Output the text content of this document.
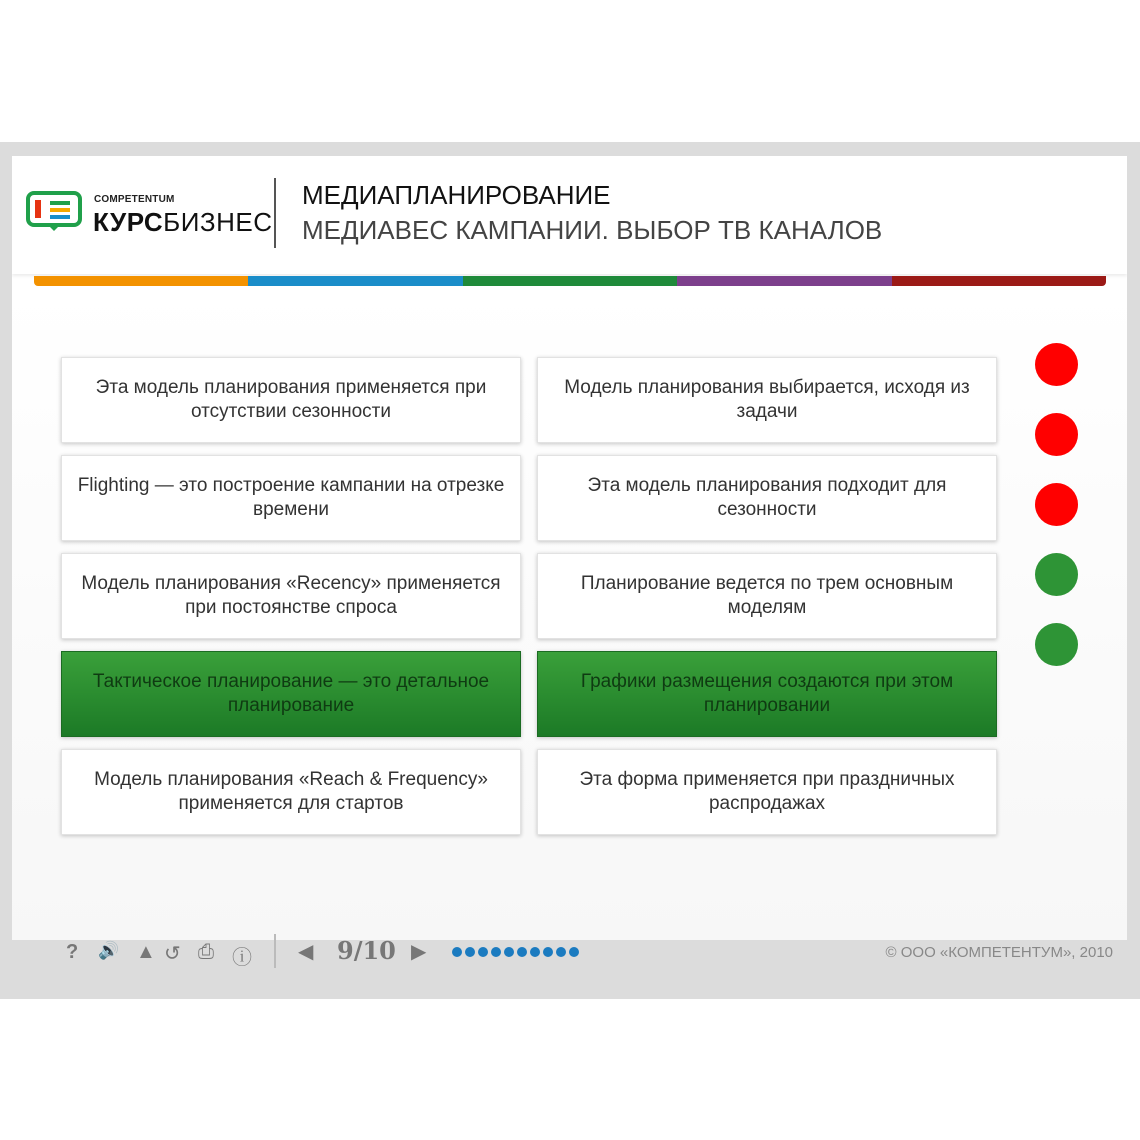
COMPETENTUM
КУРСБИЗНЕС
МЕДИАПЛАНИРОВАНИЕ
МЕДИАВЕС КАМПАНИИ. ВЫБОР ТВ КАНАЛОВ
Эта модель планирования применяется при отсутствии сезонности
Модель планирования выбирается, исходя из задачи
Flighting — это построение кампании на отрезке времени
Эта модель планирования подходит для сезонности
Модель планирования «Recency» применяется при постоянстве спроса
Планирование ведется по трем основным моделям
Тактическое планирование — это детальное планирование
Графики размещения создаются при этом планировании
Модель планирования «Reach & Frequency» применяется для стартов
Эта форма применяется при праздничных распродажах
? 🔊 ▲ ↺ ⎙ ⓘ ◀ 9/10 ▶	© ООО «КОМПЕТЕНТУМ», 2010
